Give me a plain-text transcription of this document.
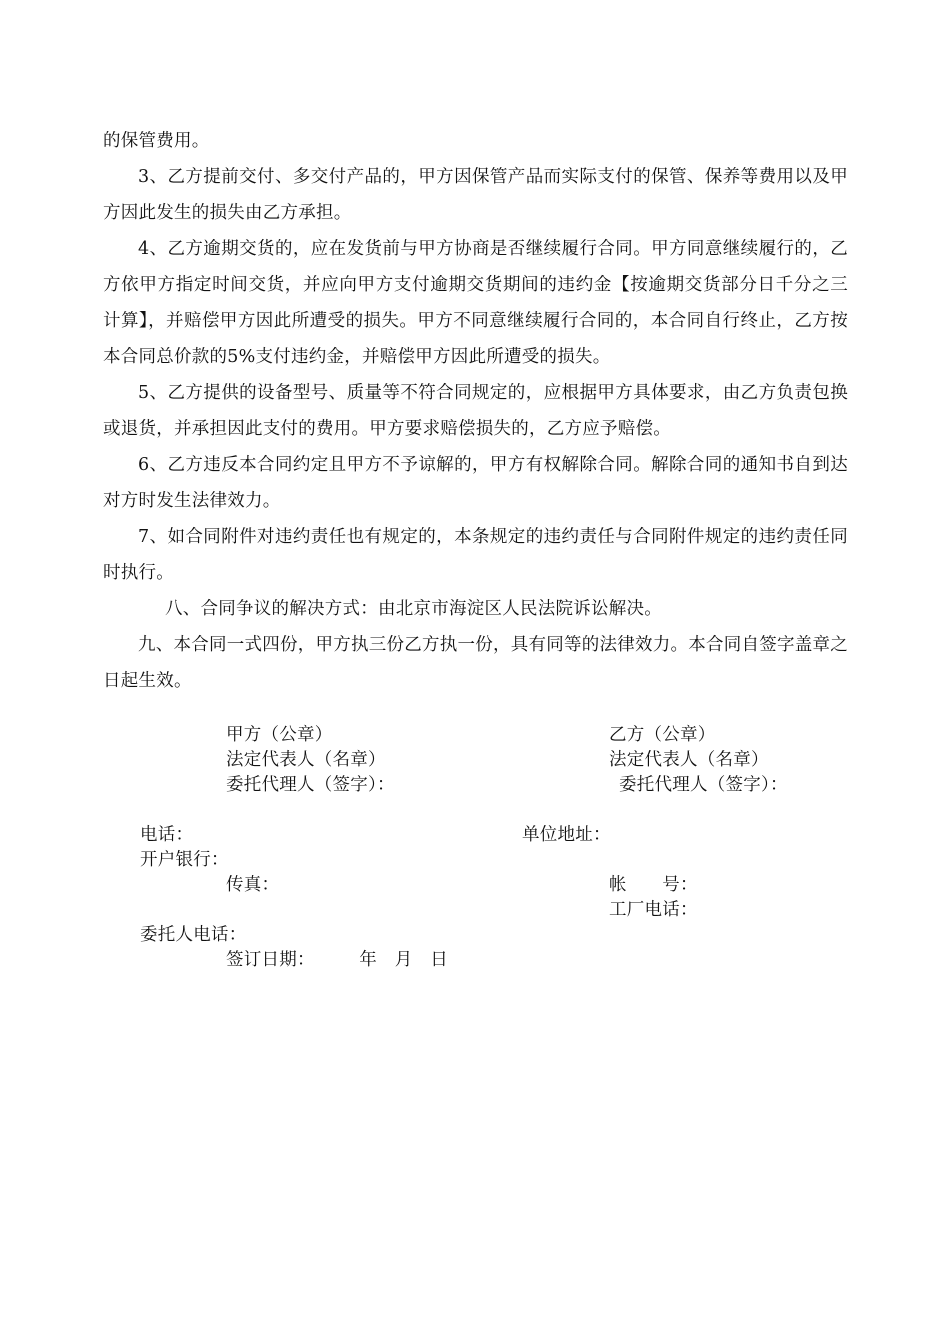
的保管费用。

3、乙方提前交付、多交付产品的，甲方因保管产品而实际支付的保管、保养等费用以及甲方因此发生的损失由乙方承担。

4、乙方逾期交货的，应在发货前与甲方协商是否继续履行合同。甲方同意继续履行的，乙方依甲方指定时间交货，并应向甲方支付逾期交货期间的违约金【按逾期交货部分日千分之三计算】，并赔偿甲方因此所遭受的损失。甲方不同意继续履行合同的，本合同自行终止，乙方按本合同总价款的5%支付违约金，并赔偿甲方因此所遭受的损失。

5、乙方提供的设备型号、质量等不符合同规定的，应根据甲方具体要求，由乙方负责包换或退货，并承担因此支付的费用。甲方要求赔偿损失的，乙方应予赔偿。

6、乙方违反本合同约定且甲方不予谅解的，甲方有权解除合同。解除合同的通知书自到达对方时发生法律效力。

7、如合同附件对违约责任也有规定的，本条规定的违约责任与合同附件规定的违约责任同时执行。

八、合同争议的解决方式：由北京市海淀区人民法院诉讼解决。

九、本合同一式四份，甲方执三份乙方执一份，具有同等的法律效力。本合同自签字盖章之日起生效。

甲方（公章）

法定代表人（名章）

委托代理人（签字）：

乙方（公章）

法定代表人（名章）

委托代理人（签字）：

电话：	单位地址：
开户银行：
传真：	帐　　号：
工厂电话：
委托人电话：
签订日期：　　　年　月　日
